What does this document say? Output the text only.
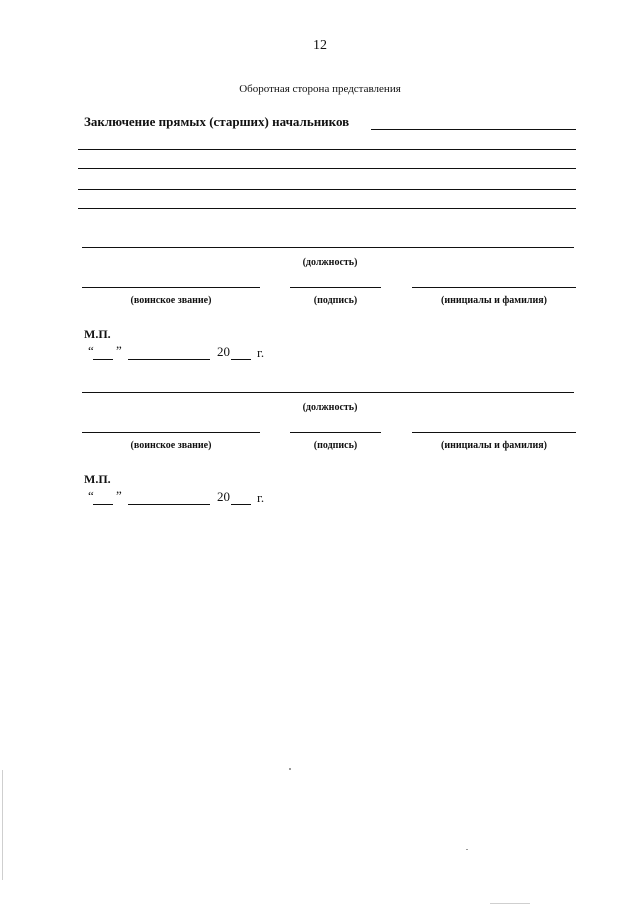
12
Оборотная сторона представления
Заключение прямых (старших) начальников
(должность)
(воинское звание)	(подпись)	(инициалы и фамилия)
М.П.
“ ”	20 г.
(должность)
(воинское звание)	(подпись)	(инициалы и фамилия)
М.П.
“ ”	20 г.
